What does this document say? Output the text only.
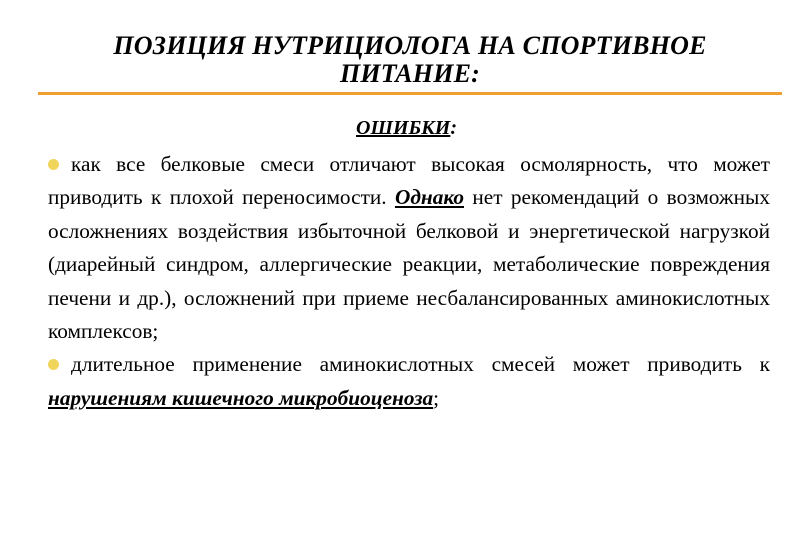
ПОЗИЦИЯ НУТРИЦИОЛОГА НА СПОРТИВНОЕ
ПИТАНИЕ:
ОШИБКИ:

как все белковые смеси отличают высокая осмолярность, что может приводить к плохой переносимости. Однако нет рекомендаций о возможных осложнениях воздействия избыточной белковой и энергетической нагрузкой (диарейный синдром, аллергические реакции, метаболические повреждения печени и др.), осложнений при приеме несбалансированных аминокислотных комплексов;

длительное применение аминокислотных смесей может приводить к нарушениям кишечного микробиоценоза;
